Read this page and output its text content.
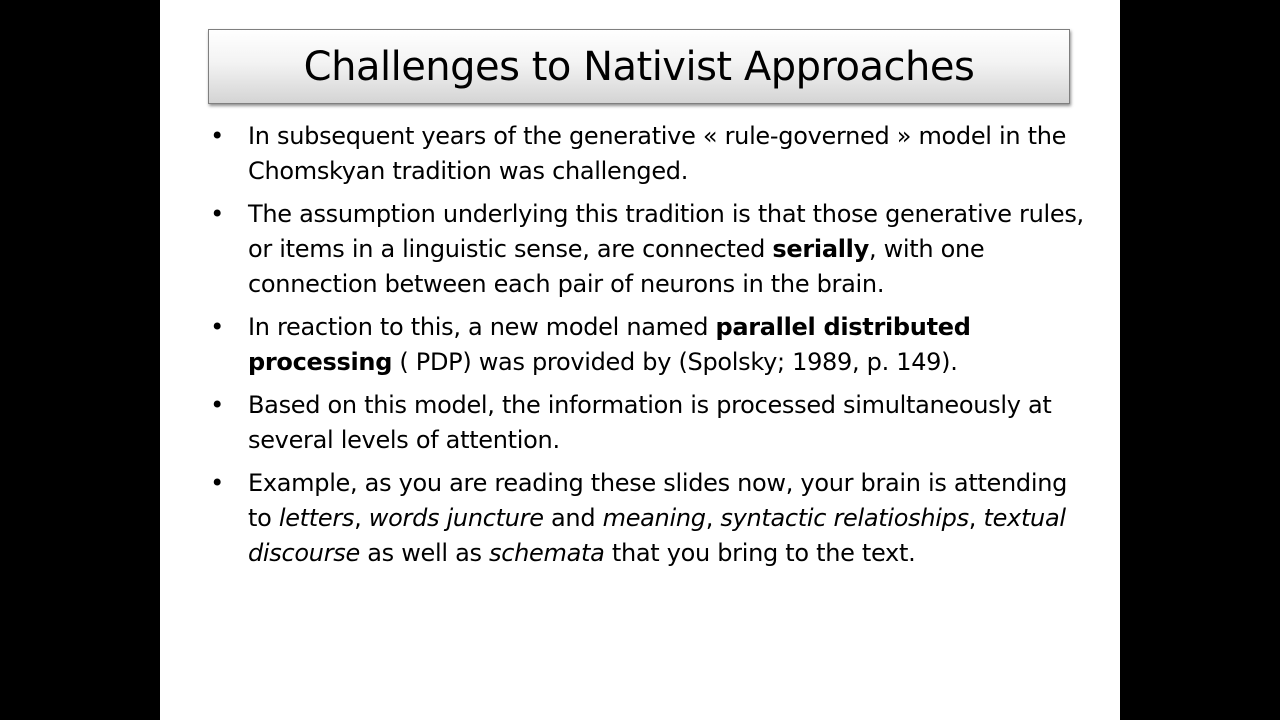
Challenges to Nativist Approaches
• In subsequent years of the generative « rule-governed » model in the Chomskyan tradition was challenged.
• The assumption underlying this tradition is that those generative rules, or items in a linguistic sense, are connected serially, with one connection between each pair of neurons in the brain.
• In reaction to this, a new model named parallel distributed processing ( PDP) was provided by (Spolsky; 1989, p. 149).
• Based on this model, the information is processed simultaneously at several levels of attention.
• Example, as you are reading these slides now, your brain is attending to letters, words juncture and meaning, syntactic relatioships, textual discourse as well as schemata that you bring to the text.
